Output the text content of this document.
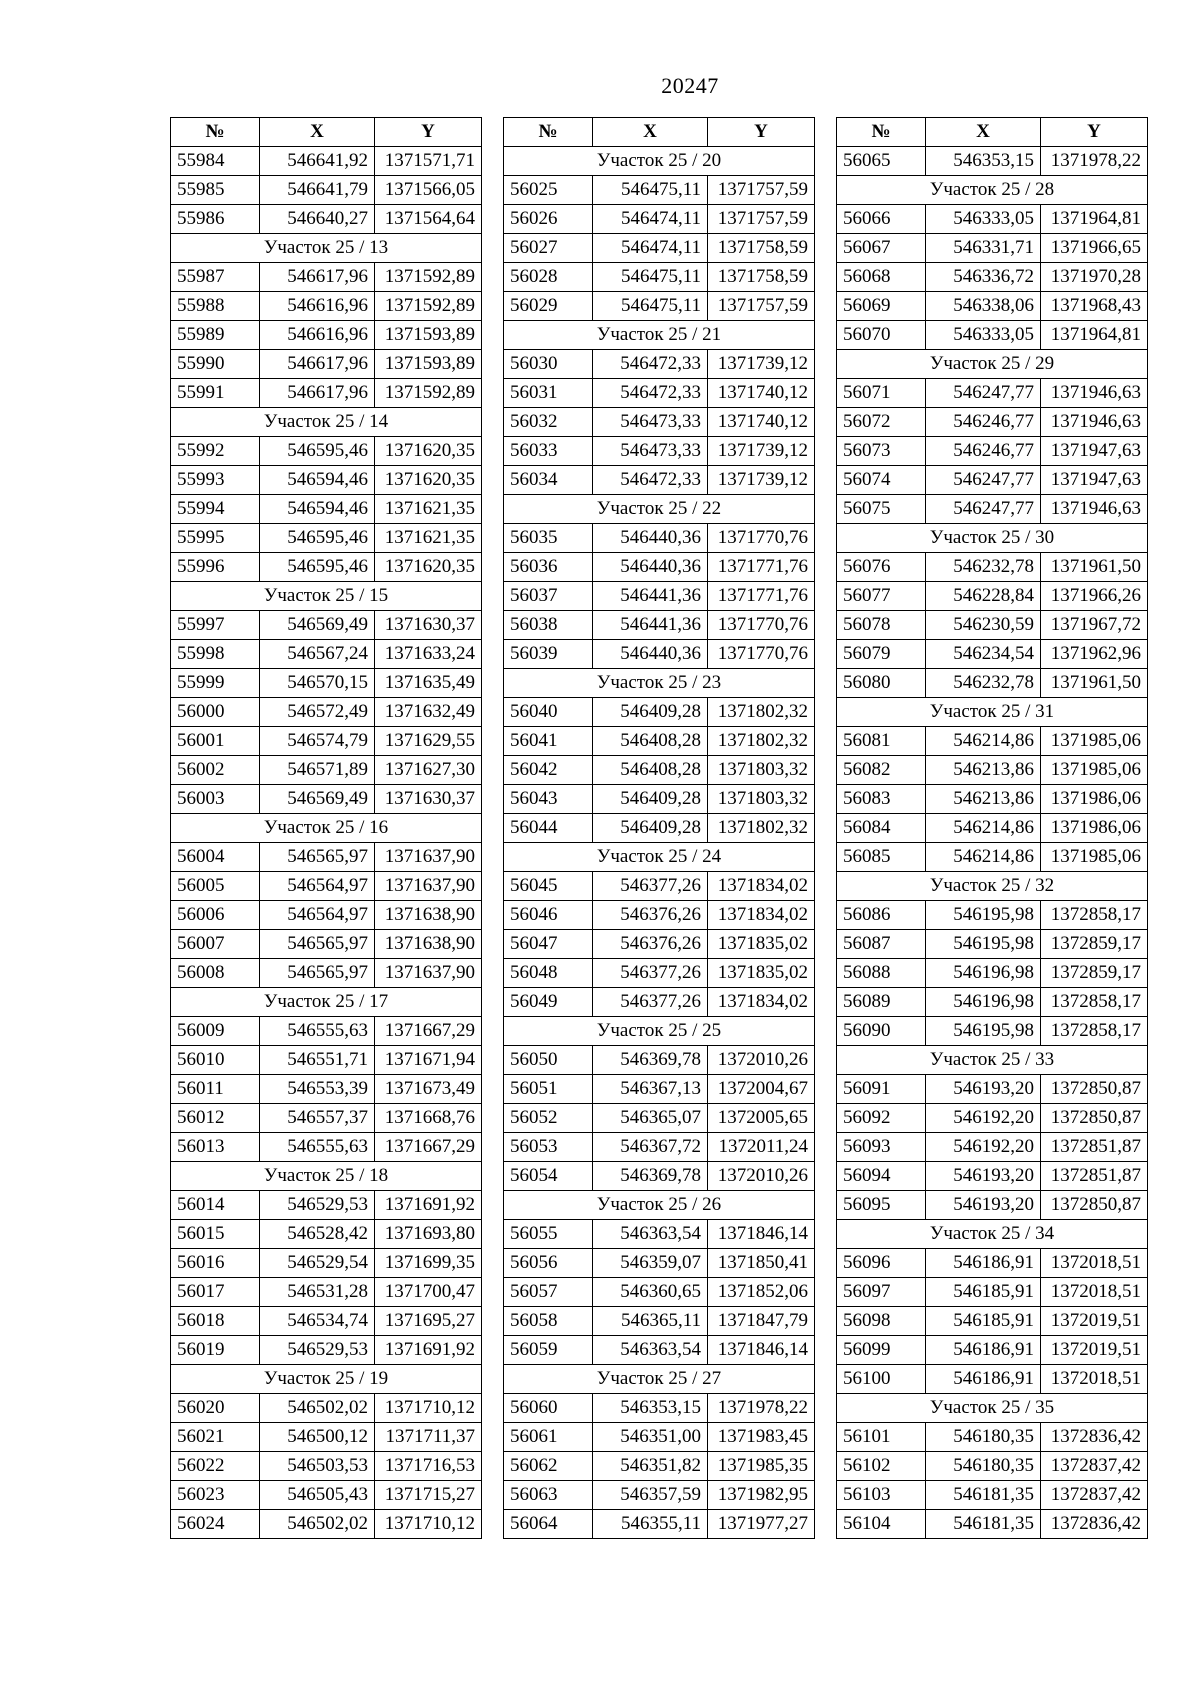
20247
№	X	Y
55984	546641,92	1371571,71
55985	546641,79	1371566,05
55986	546640,27	1371564,64
Участок 25 / 13		
55987	546617,96	1371592,89
55988	546616,96	1371592,89
55989	546616,96	1371593,89
55990	546617,96	1371593,89
55991	546617,96	1371592,89
Участок 25 / 14		
55992	546595,46	1371620,35
55993	546594,46	1371620,35
55994	546594,46	1371621,35
55995	546595,46	1371621,35
55996	546595,46	1371620,35
Участок 25 / 15		
55997	546569,49	1371630,37
55998	546567,24	1371633,24
55999	546570,15	1371635,49
56000	546572,49	1371632,49
56001	546574,79	1371629,55
56002	546571,89	1371627,30
56003	546569,49	1371630,37
Участок 25 / 16		
56004	546565,97	1371637,90
56005	546564,97	1371637,90
56006	546564,97	1371638,90
56007	546565,97	1371638,90
56008	546565,97	1371637,90
Участок 25 / 17		
56009	546555,63	1371667,29
56010	546551,71	1371671,94
56011	546553,39	1371673,49
56012	546557,37	1371668,76
56013	546555,63	1371667,29
Участок 25 / 18		
56014	546529,53	1371691,92
56015	546528,42	1371693,80
56016	546529,54	1371699,35
56017	546531,28	1371700,47
56018	546534,74	1371695,27
56019	546529,53	1371691,92
Участок 25 / 19		
56020	546502,02	1371710,12
56021	546500,12	1371711,37
56022	546503,53	1371716,53
56023	546505,43	1371715,27
56024	546502,02	1371710,12
№	X	Y
Участок 25 / 20		
56025	546475,11	1371757,59
56026	546474,11	1371757,59
56027	546474,11	1371758,59
56028	546475,11	1371758,59
56029	546475,11	1371757,59
Участок 25 / 21		
56030	546472,33	1371739,12
56031	546472,33	1371740,12
56032	546473,33	1371740,12
56033	546473,33	1371739,12
56034	546472,33	1371739,12
Участок 25 / 22		
56035	546440,36	1371770,76
56036	546440,36	1371771,76
56037	546441,36	1371771,76
56038	546441,36	1371770,76
56039	546440,36	1371770,76
Участок 25 / 23		
56040	546409,28	1371802,32
56041	546408,28	1371802,32
56042	546408,28	1371803,32
56043	546409,28	1371803,32
56044	546409,28	1371802,32
Участок 25 / 24		
56045	546377,26	1371834,02
56046	546376,26	1371834,02
56047	546376,26	1371835,02
56048	546377,26	1371835,02
56049	546377,26	1371834,02
Участок 25 / 25		
56050	546369,78	1372010,26
56051	546367,13	1372004,67
56052	546365,07	1372005,65
56053	546367,72	1372011,24
56054	546369,78	1372010,26
Участок 25 / 26		
56055	546363,54	1371846,14
56056	546359,07	1371850,41
56057	546360,65	1371852,06
56058	546365,11	1371847,79
56059	546363,54	1371846,14
Участок 25 / 27		
56060	546353,15	1371978,22
56061	546351,00	1371983,45
56062	546351,82	1371985,35
56063	546357,59	1371982,95
56064	546355,11	1371977,27
№	X	Y
56065	546353,15	1371978,22
Участок 25 / 28		
56066	546333,05	1371964,81
56067	546331,71	1371966,65
56068	546336,72	1371970,28
56069	546338,06	1371968,43
56070	546333,05	1371964,81
Участок 25 / 29		
56071	546247,77	1371946,63
56072	546246,77	1371946,63
56073	546246,77	1371947,63
56074	546247,77	1371947,63
56075	546247,77	1371946,63
Участок 25 / 30		
56076	546232,78	1371961,50
56077	546228,84	1371966,26
56078	546230,59	1371967,72
56079	546234,54	1371962,96
56080	546232,78	1371961,50
Участок 25 / 31		
56081	546214,86	1371985,06
56082	546213,86	1371985,06
56083	546213,86	1371986,06
56084	546214,86	1371986,06
56085	546214,86	1371985,06
Участок 25 / 32		
56086	546195,98	1372858,17
56087	546195,98	1372859,17
56088	546196,98	1372859,17
56089	546196,98	1372858,17
56090	546195,98	1372858,17
Участок 25 / 33		
56091	546193,20	1372850,87
56092	546192,20	1372850,87
56093	546192,20	1372851,87
56094	546193,20	1372851,87
56095	546193,20	1372850,87
Участок 25 / 34		
56096	546186,91	1372018,51
56097	546185,91	1372018,51
56098	546185,91	1372019,51
56099	546186,91	1372019,51
56100	546186,91	1372018,51
Участок 25 / 35		
56101	546180,35	1372836,42
56102	546180,35	1372837,42
56103	546181,35	1372837,42
56104	546181,35	1372836,42
